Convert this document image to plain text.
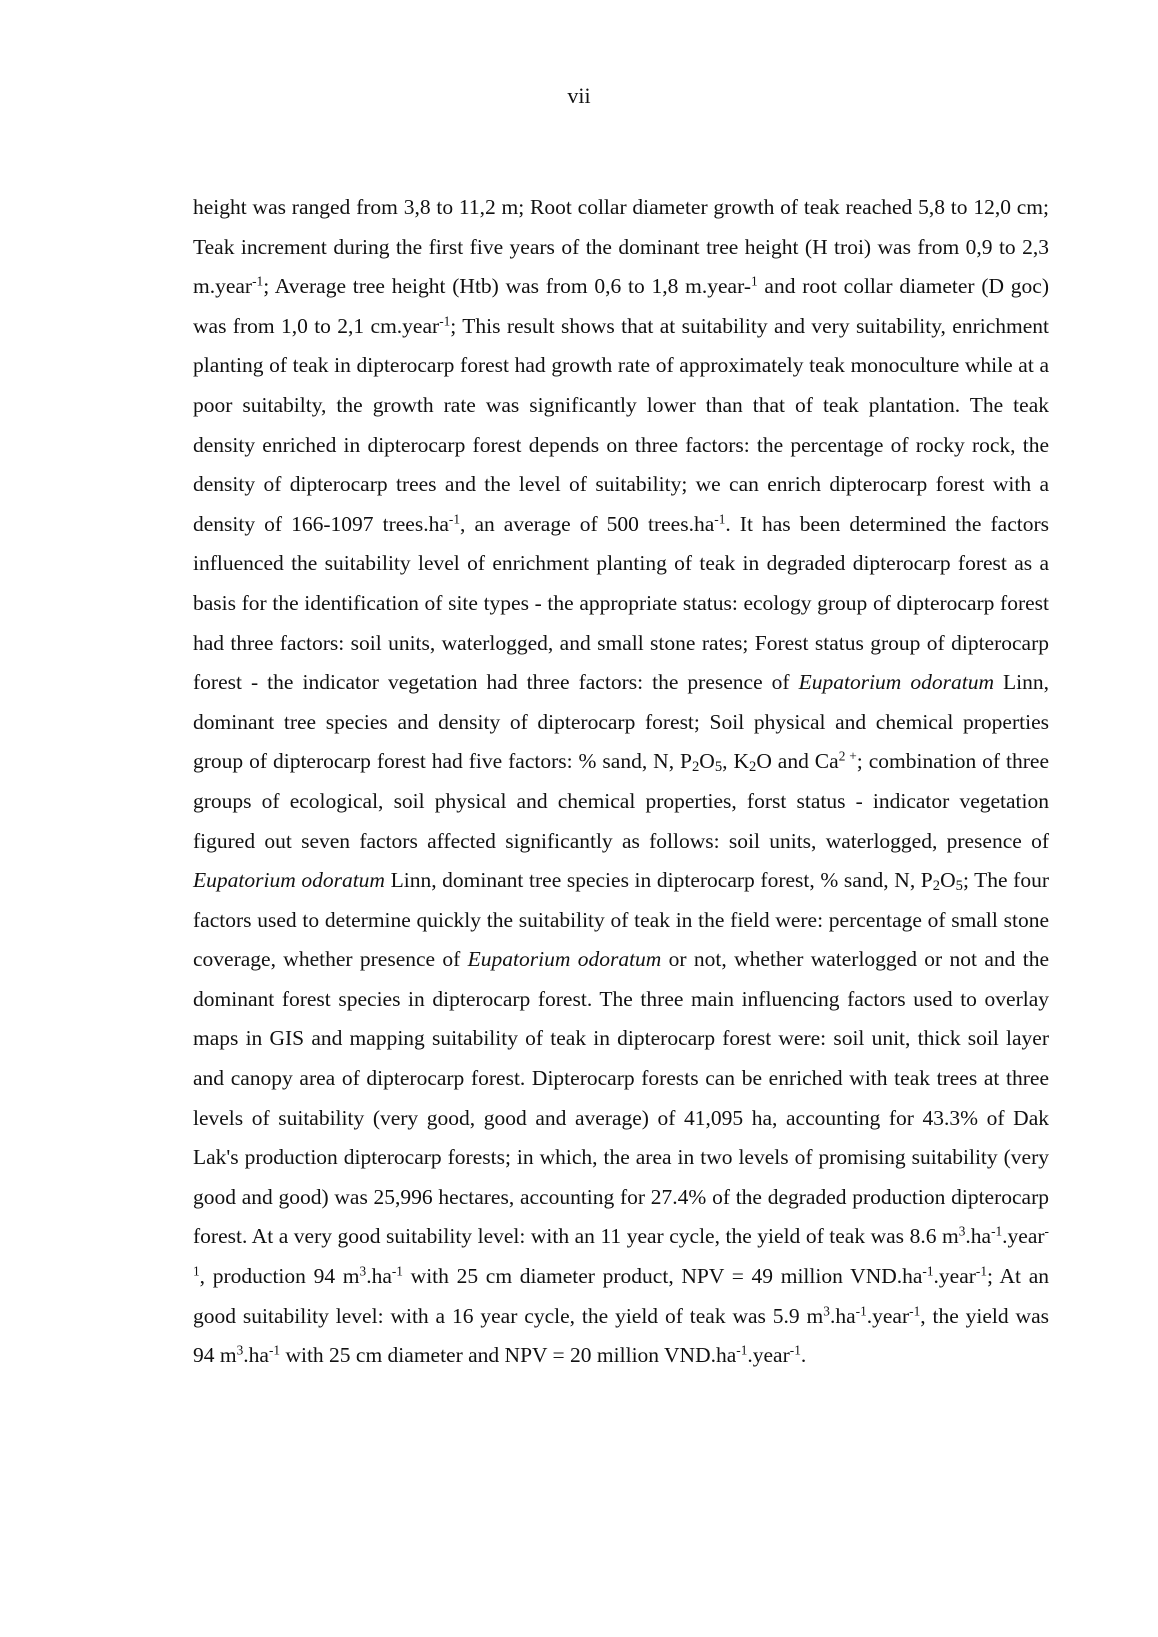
vii

height was ranged from 3,8 to 11,2 m; Root collar diameter growth of teak reached 5,8 to 12,0 cm; Teak increment during the first five years of the dominant tree height (H troi) was from 0,9 to 2,3 m.year$^{-1}$; Average tree height (Htb) was from 0,6 to 1,8 m.year-$^1$ and root collar diameter (D goc) was from 1,0 to 2,1 cm.year$^{-1}$; This result shows that at suitability and very suitability, enrichment planting of teak in dipterocarp forest had growth rate of approximately teak monoculture while at a poor suitabilty, the growth rate was significantly lower than that of teak plantation. The teak density enriched in dipterocarp forest depends on three factors: the percentage of rocky rock, the density of dipterocarp trees and the level of suitability; we can enrich dipterocarp forest with a density of 166-1097 $trees.ha^{-1}$, an average of 500 $trees.ha^{-1}$. It has been determined the factors influenced the suitability level of enrichment planting of teak in degraded dipterocarp forest as a basis for the identification of site types - the appropriate status: ecology group of dipterocarp forest had three factors: soil units, waterlogged, and small stone rates; Forest status group of dipterocarp forest - the indicator vegetation had three factors: the presence of Eupatorium odoratum Linn, dominant tree species and density of dipterocarp forest; Soil physical and chemical properties group of dipterocarp forest had five factors: % sand, N, P2O5, K2O and $Ca^{2 +}$; combination of three groups of ecological, soil physical and chemical properties, forst status - indicator vegetation figured out seven factors affected significantly as follows: soil units, waterlogged, presence of Eupatorium odoratum Linn, dominant tree species in dipterocarp forest, % sand, N, P2O5; The four factors used to determine quickly the suitability of teak in the field were: percentage of small stone coverage, whether presence of Eupatorium odoratum or not, whether waterlogged or not and the dominant forest species in dipterocarp forest. The three main influencing factors used to overlay maps in GIS and mapping suitability of teak in dipterocarp forest were: soil unit, thick soil layer and canopy area of dipterocarp forest. Dipterocarp forests can be enriched with teak trees at three levels of suitability (very good, good and average) of 41,095 ha, accounting for 43.3% of Dak Lak's production dipterocarp forests; in which, the area in two levels of promising suitability (very good and good) was 25,996 hectares, accounting for 27.4% of the degraded production dipterocarp forest. At a very good suitability level: with an 11 year cycle, the yield of teak was 8.6 $m^3.ha^{-1}.year^{-1}$, production 94 $m^3.ha^{-1}$ with 25 cm diameter product, NPV = 49 million $VND.ha^{-1}.year^{-1}$; At an good suitability level: with a 16 year cycle, the yield of teak was 5.9 $m^3.ha^{-1}.year^{-1}$, the yield was 94 $m^3.ha^{-1}$ with 25 cm diameter and NPV = 20 million $VND.ha^{-1}.year^{-1}$.
